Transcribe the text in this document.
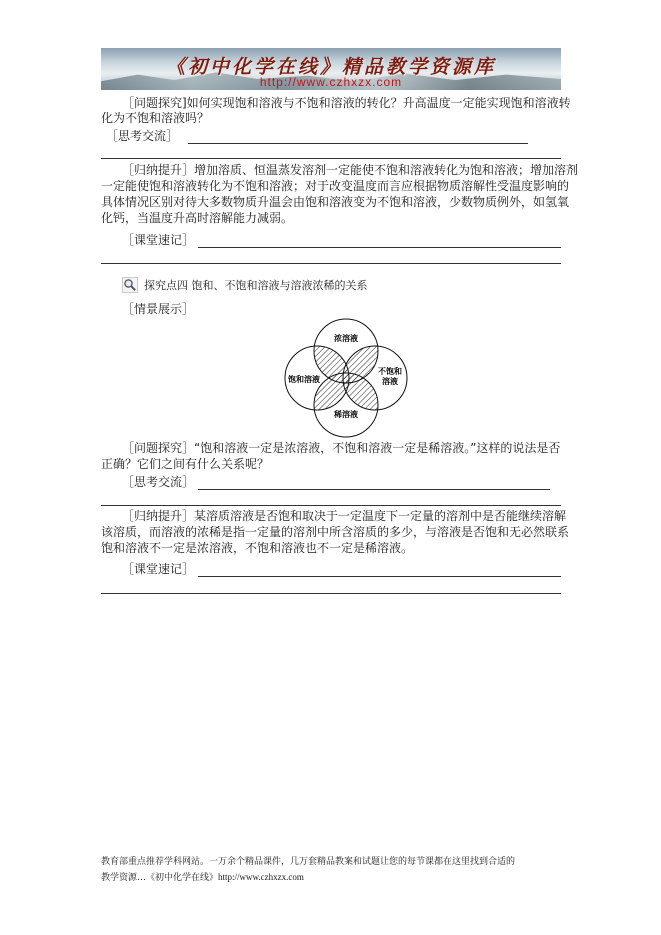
《初中化学在线》精品教学资源库
http://www.czhxzx.com
［问题探究]如何实现饱和溶液与不饱和溶液的转化？升高温度一定能实现饱和溶液转
化为不饱和溶液吗？
［思考交流］
［归纳提升］增加溶质、恒温蒸发溶剂一定能使不饱和溶液转化为饱和溶液；增加溶剂
一定能使饱和溶液转化为不饱和溶液；对于改变温度而言应根据物质溶解性受温度影响的
具体情况区别对待大多数物质升温会由饱和溶液变为不饱和溶液，少数物质例外，如氢氧
化钙，当温度升高时溶解能力减弱。
［课堂速记］
探究点四 饱和、不饱和溶液与溶液浓稀的关系
［情景展示］
浓溶液
饱和溶液
不饱和
溶液
稀溶液
［问题探究］“饱和溶液一定是浓溶液，不饱和溶液一定是稀溶液。”这样的说法是否
正确？它们之间有什么关系呢？
［思考交流］
［归纳提升］某溶质溶液是否饱和取决于一定温度下一定量的溶剂中是否能继续溶解
该溶质，而溶液的浓稀是指一定量的溶剂中所含溶质的多少，与溶液是否饱和无必然联系
饱和溶液不一定是浓溶液，不饱和溶液也不一定是稀溶液。
［课堂速记］
教育部重点推荐学科网站。一万余个精品课件，几万套精品教案和试题让您的每节课都在这里找到合适的
教学资源…《初中化学在线》http://www.czhxzx.com
